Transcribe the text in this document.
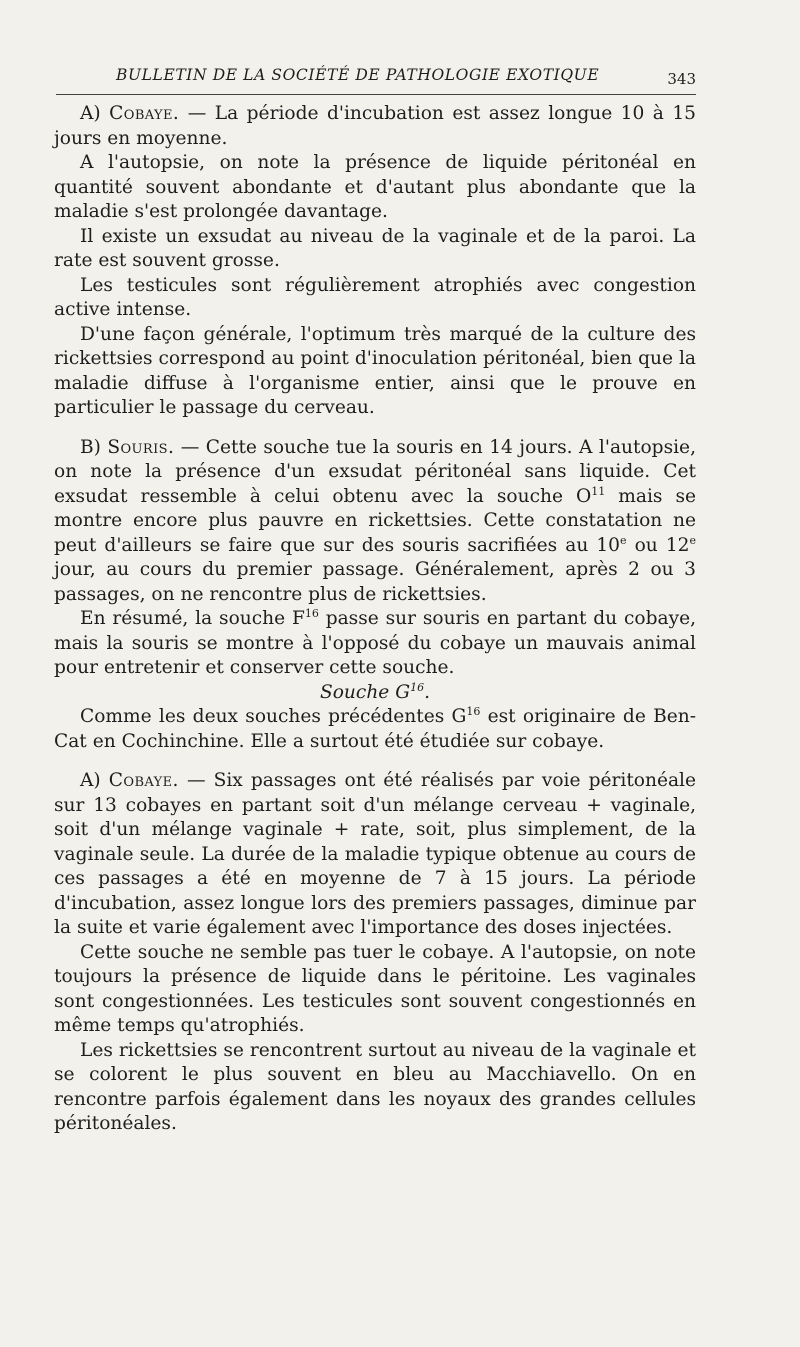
BULLETIN DE LA SOCIÉTÉ DE PATHOLOGIE EXOTIQUE	343

A) Cobaye. — La période d'incubation est assez longue 10 à 15 jours en moyenne.

A l'autopsie, on note la présence de liquide péritonéal en quantité souvent abondante et d'autant plus abondante que la maladie s'est prolongée davantage.

Il existe un exsudat au niveau de la vaginale et de la paroi. La rate est souvent grosse.

Les testicules sont régulièrement atrophiés avec congestion active intense.

D'une façon générale, l'optimum très marqué de la culture des rickettsies correspond au point d'inoculation péritonéal, bien que la maladie diffuse à l'organisme entier, ainsi que le prouve en particulier le passage du cerveau.

B) Souris. — Cette souche tue la souris en 14 jours. A l'autopsie, on note la présence d'un exsudat péritonéal sans liquide. Cet exsudat ressemble à celui obtenu avec la souche $O^{11}$ mais se montre encore plus pauvre en rickettsies. Cette constatation ne peut d'ailleurs se faire que sur des souris sacrifiées au 10e ou 12e jour, au cours du premier passage. Généralement, après 2 ou 3 passages, on ne rencontre plus de rickettsies.

En résumé, la souche $F^{16}$ passe sur souris en partant du cobaye, mais la souris se montre à l'opposé du cobaye un mauvais animal pour entretenir et conserver cette souche.

Souche $G^{16}$.

Comme les deux souches précédentes $G^{16}$ est originaire de Ben-Cat en Cochinchine. Elle a surtout été étudiée sur cobaye.

A) Cobaye. — Six passages ont été réalisés par voie péritonéale sur 13 cobayes en partant soit d'un mélange cerveau + vaginale, soit d'un mélange vaginale + rate, soit, plus simplement, de la vaginale seule. La durée de la maladie typique obtenue au cours de ces passages a été en moyenne de 7 à 15 jours. La période d'incubation, assez longue lors des premiers passages, diminue par la suite et varie également avec l'importance des doses injectées.

Cette souche ne semble pas tuer le cobaye. A l'autopsie, on note toujours la présence de liquide dans le péritoine. Les vaginales sont congestionnées. Les testicules sont souvent congestionnés en même temps qu'atrophiés.

Les rickettsies se rencontrent surtout au niveau de la vaginale et se colorent le plus souvent en bleu au Macchiavello. On en rencontre parfois également dans les noyaux des grandes cellules péritonéales.
